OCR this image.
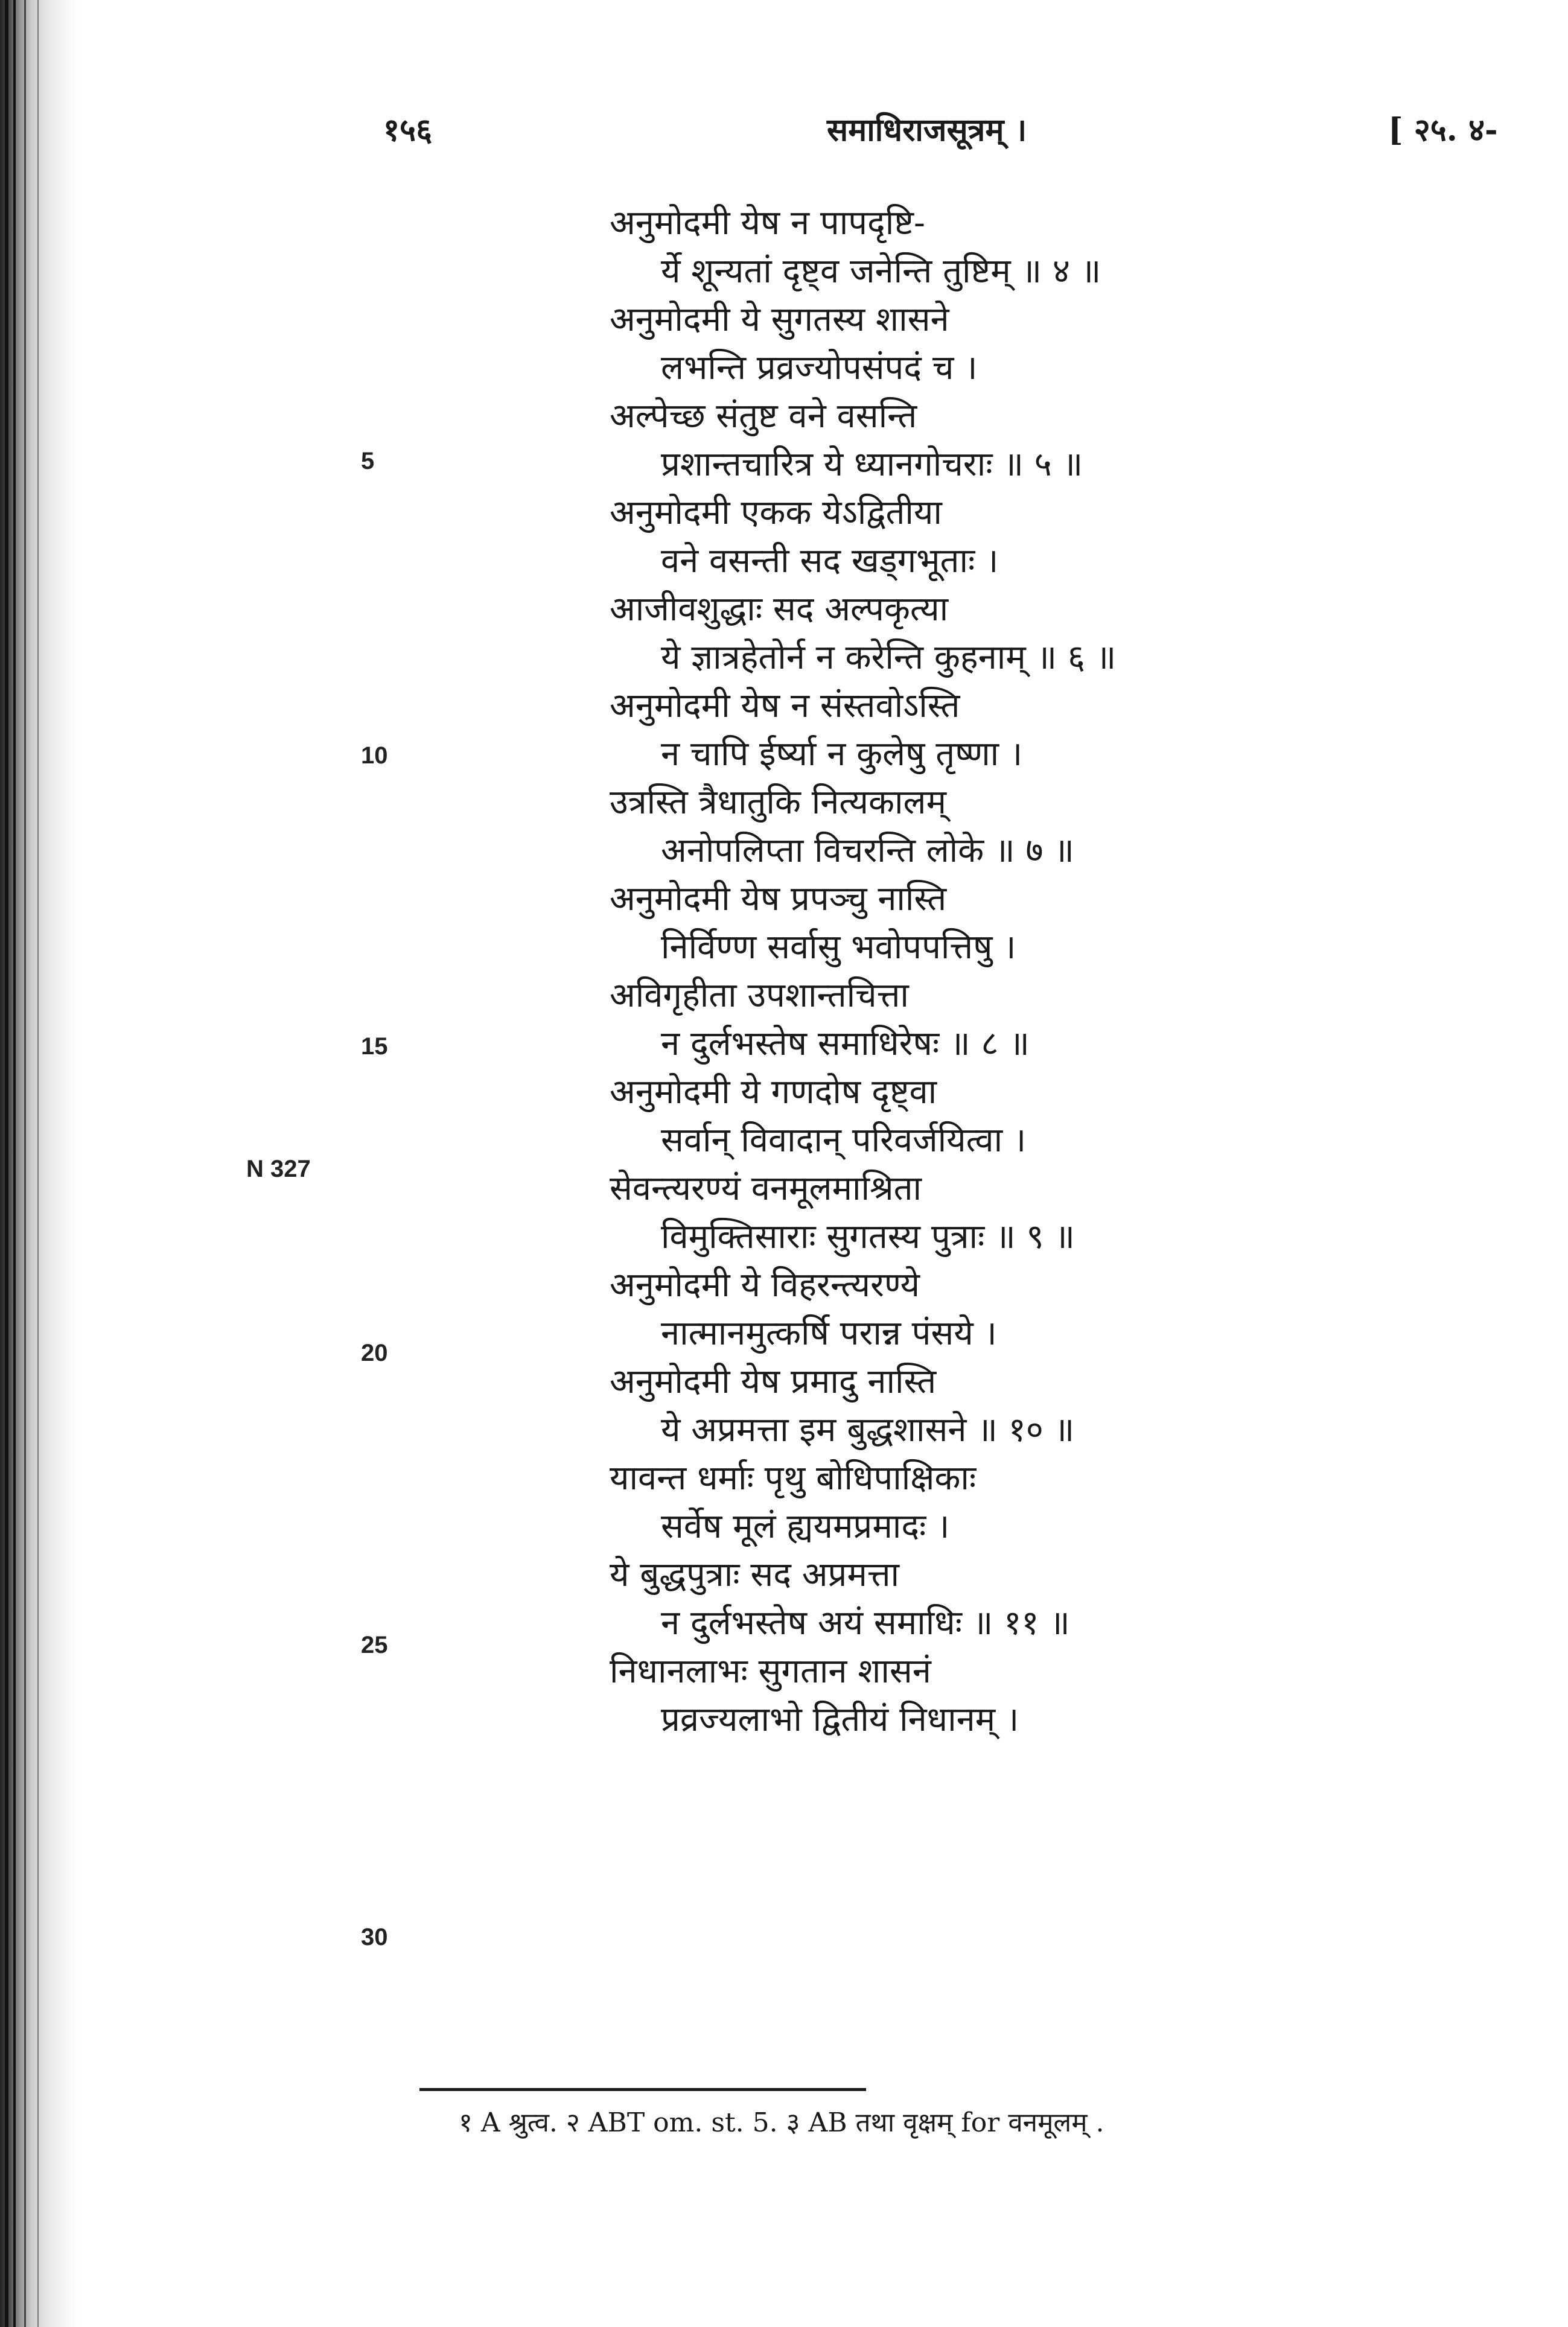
१५६	समाधिराजसूत्रम् ।	[ २५. ४-
अनुमोदमी येष न पापदृष्टि-
र्ये शून्यतां दृष्ट्व जनेन्ति तुष्टिम् ॥ ४ ॥
अनुमोदमी ये सुगतस्य शासने
लभन्ति प्रव्रज्योपसंपदं च ।
अल्पेच्छ संतुष्ट वने वसन्ति
प्रशान्तचारित्र ये ध्यानगोचराः ॥ ५ ॥
अनुमोदमी एकक येऽद्वितीया
वने वसन्ती सद खड्गभूताः ।
आजीवशुद्धाः सद अल्पकृत्या
ये ज्ञात्रहेतोर्न न करेन्ति कुहनाम् ॥ ६ ॥
अनुमोदमी येष न संस्तवोऽस्ति
न चापि ईर्ष्या न कुलेषु तृष्णा ।
उत्रस्ति त्रैधातुकि नित्यकालम्
अनोपलिप्ता विचरन्ति लोके ॥ ७ ॥
अनुमोदमी येष प्रपञ्चु नास्ति
निर्विण्ण सर्वासु भवोपपत्तिषु ।
अविगृहीता उपशान्तचित्ता
न दुर्लभस्तेष समाधिरेषः ॥ ८ ॥
अनुमोदमी ये गणदोष दृष्ट्वा
सर्वान् विवादान् परिवर्जयित्वा ।
सेवन्त्यरण्यं वनमूलमाश्रिता
विमुक्तिसाराः सुगतस्य पुत्राः ॥ ९ ॥
अनुमोदमी ये विहरन्त्यरण्ये
नात्मानमुत्कर्षि परान्न पंसये ।
अनुमोदमी येष प्रमादु नास्ति
ये अप्रमत्ता इम बुद्धशासने ॥ १० ॥
यावन्त धर्माः पृथु बोधिपाक्षिकाः
सर्वेष मूलं ह्ययमप्रमादः ।
ये बुद्धपुत्राः सद अप्रमत्ता
न दुर्लभस्तेष अयं समाधिः ॥ ११ ॥
निधानलाभः सुगतान शासनं
प्रव्रज्यलाभो द्वितीयं निधानम् ।
5
10
15
20
25
30
N 327
१ A श्रुत्व. २ ABT om. st. 5. ३ AB तथा वृक्षम् for वनमूलम् .
